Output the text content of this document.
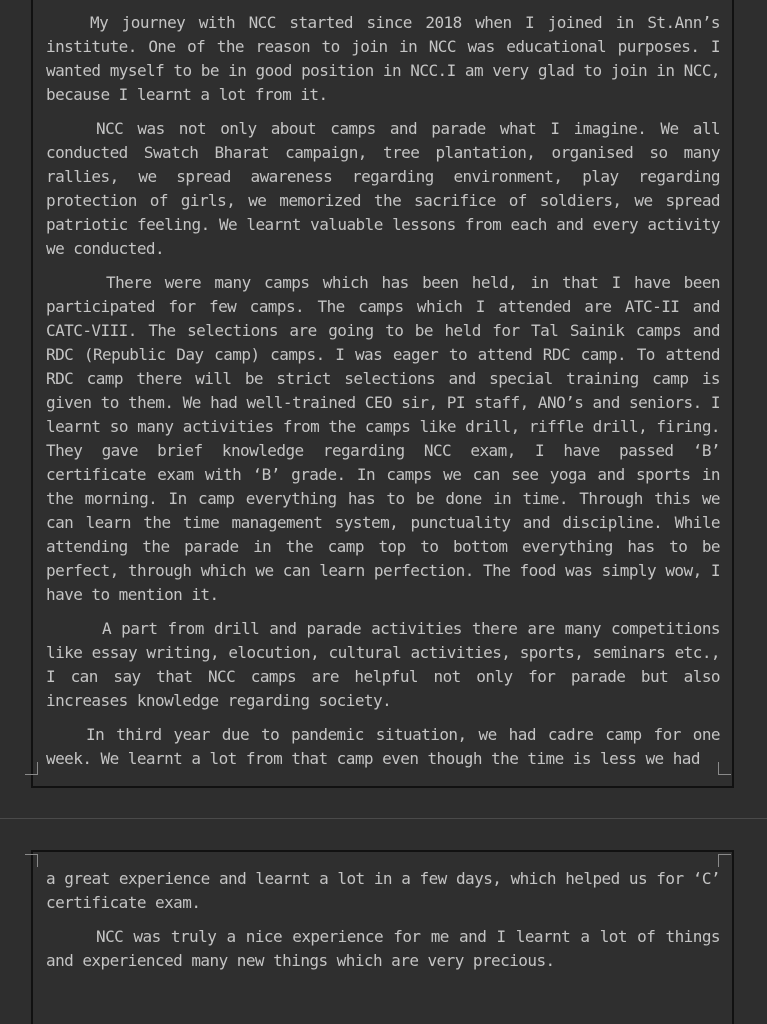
My journey with NCC started since 2018 when I joined in St.Ann’s institute. One of the reason to join in NCC was educational purposes. I wanted myself to be in good position in NCC.I am very glad to join in NCC, because I learnt a lot from it.

NCC was not only about camps and parade what I imagine. We all conducted Swatch Bharat campaign, tree plantation, organised so many rallies, we spread awareness regarding environment, play regarding protection of girls, we memorized the sacrifice of soldiers, we spread patriotic feeling. We learnt valuable lessons from each and every activity we conducted.

There were many camps which has been held, in that I have been participated for few camps. The camps which I attended are ATC-II and CATC-VIII. The selections are going to be held for Tal Sainik camps and RDC (Republic Day camp) camps. I was eager to attend RDC camp. To attend RDC camp there will be strict selections and special training camp is given to them. We had well-trained CEO sir, PI staff, ANO’s and seniors. I learnt so many activities from the camps like drill, riffle drill, firing. They gave brief knowledge regarding NCC exam, I have passed ‘B’ certificate exam with ‘B’ grade. In camps we can see yoga and sports in the morning. In camp everything has to be done in time. Through this we can learn the time management system, punctuality and discipline. While attending the parade in the camp top to bottom everything has to be perfect, through which we can learn perfection. The food was simply wow, I have to mention it.

A part from drill and parade activities there are many competitions like essay writing, elocution, cultural activities, sports, seminars etc., I can say that NCC camps are helpful not only for parade but also increases knowledge regarding society.

In third year due to pandemic situation, we had cadre camp for one week. We learnt a lot from that camp even though the time is less we had

a great experience and learnt a lot in a few days, which helped us for ‘C’ certificate exam.

NCC was truly a nice experience for me and I learnt a lot of things and experienced many new things which are very precious.
